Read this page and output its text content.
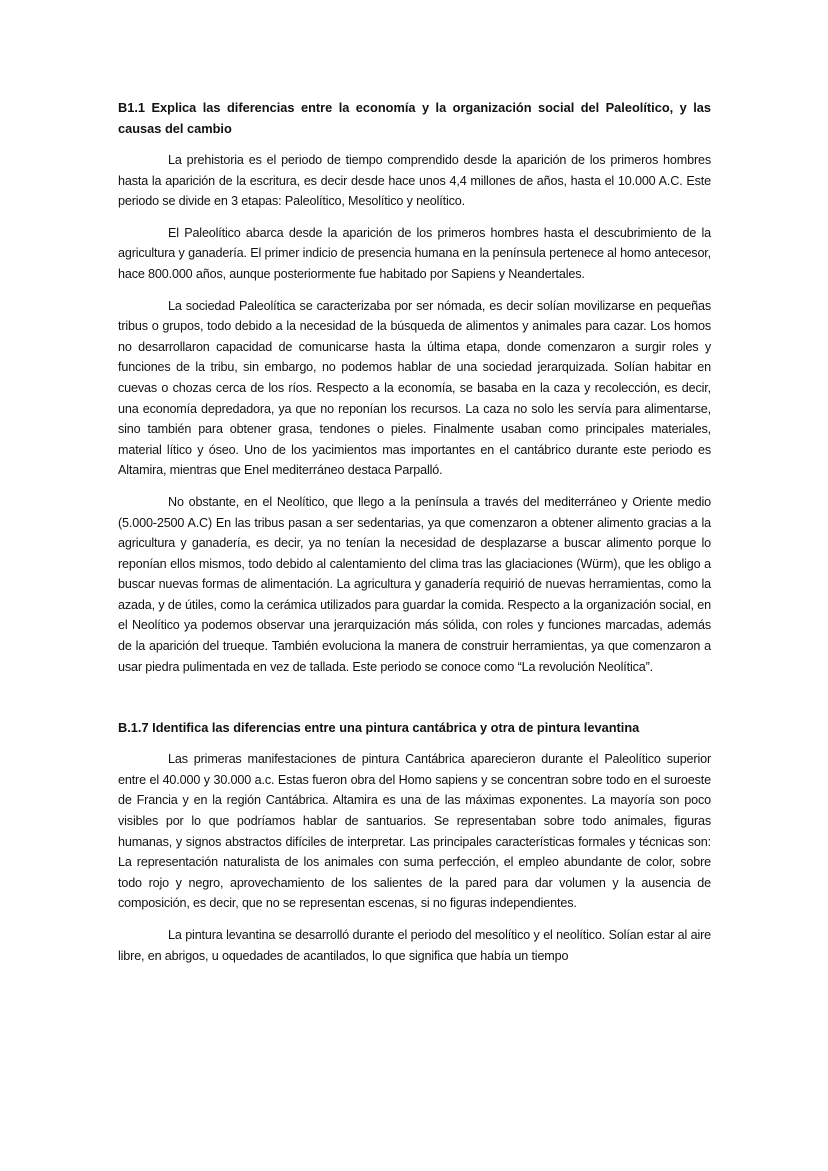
B1.1 Explica las diferencias entre la economía y la organización social del Paleolítico, y las causas del cambio

La prehistoria es el periodo de tiempo comprendido desde la aparición de los primeros hombres hasta la aparición de la escritura, es decir desde hace unos 4,4 millones de años, hasta el 10.000 A.C. Este periodo se divide en 3 etapas: Paleolítico, Mesolítico y neolítico.

El Paleolítico abarca desde la aparición de los primeros hombres hasta el descubrimiento de la agricultura y ganadería. El primer indicio de presencia humana en la península pertenece al homo antecesor, hace 800.000 años, aunque posteriormente fue habitado por Sapiens y Neandertales.

La sociedad Paleolítica se caracterizaba por ser nómada, es decir solían movilizarse en pequeñas tribus o grupos, todo debido a la necesidad de la búsqueda de alimentos y animales para cazar. Los homos no desarrollaron capacidad de comunicarse hasta la última etapa, donde comenzaron a surgir roles y funciones de la tribu, sin embargo, no podemos hablar de una sociedad jerarquizada. Solían habitar en cuevas o chozas cerca de los ríos. Respecto a la economía, se basaba en la caza y recolección, es decir, una economía depredadora, ya que no reponían los recursos. La caza no solo les servía para alimentarse, sino también para obtener grasa, tendones o pieles. Finalmente usaban como principales materiales, material lítico y óseo. Uno de los yacimientos mas importantes en el cantábrico durante este periodo es Altamira, mientras que Enel mediterráneo destaca Parpalló.

No obstante, en el Neolítico, que llego a la península a través del mediterráneo y Oriente medio (5.000-2500 A.C) En las tribus pasan a ser sedentarias, ya que comenzaron a obtener alimento gracias a la agricultura y ganadería, es decir, ya no tenían la necesidad de desplazarse a buscar alimento porque lo reponían ellos mismos, todo debido al calentamiento del clima tras las glaciaciones (Würm), que les obligo a buscar nuevas formas de alimentación. La agricultura y ganadería requirió de nuevas herramientas, como la azada, y de útiles, como la cerámica utilizados para guardar la comida. Respecto a la organización social, en el Neolítico ya podemos observar una jerarquización más sólida, con roles y funciones marcadas, además de la aparición del trueque. También evoluciona la manera de construir herramientas, ya que comenzaron a usar piedra pulimentada en vez de tallada. Este periodo se conoce como “La revolución Neolítica”.

B.1.7 Identifica las diferencias entre una pintura cantábrica y otra de pintura levantina

Las primeras manifestaciones de pintura Cantábrica aparecieron durante el Paleolítico superior entre el 40.000 y 30.000 a.c. Estas fueron obra del Homo sapiens y se concentran sobre todo en el suroeste de Francia y en la región Cantábrica. Altamira es una de las máximas exponentes. La mayoría son poco visibles por lo que podríamos hablar de santuarios. Se representaban sobre todo animales, figuras humanas, y signos abstractos difíciles de interpretar. Las principales características formales y técnicas son: La representación naturalista de los animales con suma perfección, el empleo abundante de color, sobre todo rojo y negro, aprovechamiento de los salientes de la pared para dar volumen y la ausencia de composición, es decir, que no se representan escenas, si no figuras independientes.

La pintura levantina se desarrolló durante el periodo del mesolítico y el neolítico. Solían estar al aire libre, en abrigos, u oquedades de acantilados, lo que significa que había un tiempo
